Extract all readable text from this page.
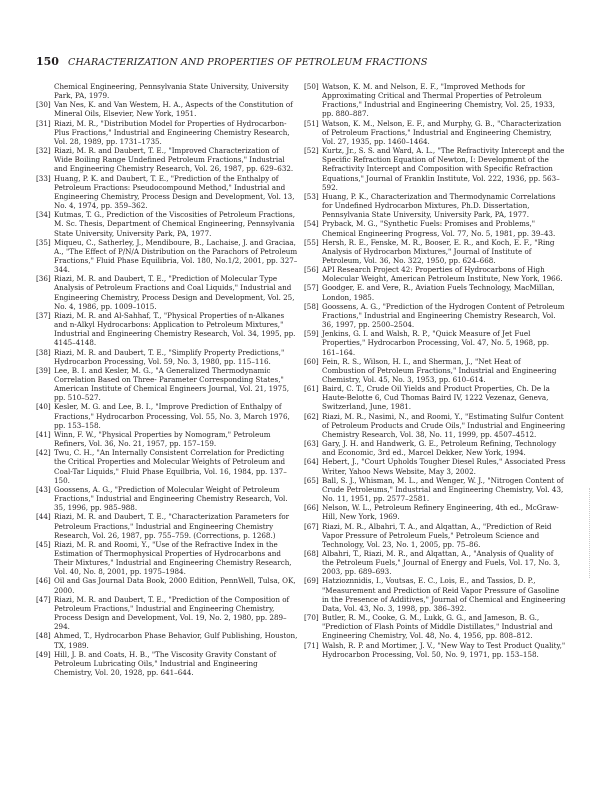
150 CHARACTERIZATION AND PROPERTIES OF PETROLEUM FRACTIONS

Chemical Engineering, Pennsylvania State University, University Park, PA, 1979.

[30] Van Nes, K. and Van Westem, H. A., Aspects of the Constitution of Mineral Oils, Elsevier, New York, 1951.

[31] Riazi, M. R., "Distribution Model for Properties of Hydrocarbon-Plus Fractions," Industrial and Engineering Chemistry Research, Vol. 28, 1989, pp. 1731–1735.

[32] Riazi, M. R. and Daubert, T. E., "Improved Characterization of Wide Boiling Range Undefined Petroleum Fractions," Industrial and Engineering Chemistry Research, Vol. 26, 1987, pp. 629–632.

[33] Huang, P. K. and Daubert, T. E., "Prediction of the Enthalpy of Petroleum Fractions: Pseudocompound Method," Industrial and Engineering Chemistry, Process Design and Development, Vol. 13, No. 4, 1974, pp. 359–362.

[34] Kutmas, T. G., Prediction of the Viscosities of Petroleum Fractions, M. Sc. Thesis, Department of Chemical Engineering, Pennsylvania State University, University Park, PA, 1977.

[35] Miqueu, C., Satherley, J., Mendiboure, B., Lachaise, J. and Graciaa, A., "The Effect of P/N/A Distribution on the Parachors of Petroleum Fractions," Fluid Phase Equilibria, Vol. 180, No.1/2, 2001, pp. 327–344.

[36] Riazi, M. R. and Daubert, T. E., "Prediction of Molecular Type Analysis of Petroleum Fractions and Coal Liquids," Industrial and Engineering Chemistry, Process Design and Development, Vol. 25, No. 4, 1986, pp. 1009–1015.

[37] Riazi, M. R. and Al-Sahhaf, T., "Physical Properties of n-Alkanes and n-Alkyl Hydrocarbons: Application to Petroleum Mixtures," Industrial and Engineering Chemistry Research, Vol. 34, 1995, pp. 4145–4148.

[38] Riazi, M. R. and Daubert, T. E., "Simplify Property Predictions," Hydrocarbon Processing, Vol. 59, No. 3, 1980, pp. 115–116.

[39] Lee, B. I. and Kesler, M. G., "A Generalized Thermodynamic Correlation Based on Three- Parameter Corresponding States," American Institute of Chemical Engineers Journal, Vol. 21, 1975, pp. 510–527.

[40] Kesler, M. G. and Lee, B. I., "Improve Prediction of Enthalpy of Fractions," Hydrocarbon Processing, Vol. 55, No. 3, March 1976, pp. 153–158.

[41] Winn, F. W., "Physical Properties by Nomogram," Petroleum Refiners, Vol. 36, No. 21, 1957, pp. 157–159.

[42] Twu, C. H., "An Internally Consistent Correlation for Predicting the Critical Properties and Molecular Weights of Petroleum and Coal-Tar Liquids," Fluid Phase Equilbria, Vol. 16, 1984, pp. 137–150.

[43] Goossens, A. G., "Prediction of Molecular Weight of Petroleum Fractions," Industrial and Engineering Chemistry Research, Vol. 35, 1996, pp. 985–988.

[44] Riazi, M. R. and Daubert, T. E., "Characterization Parameters for Petroleum Fractions," Industrial and Engineering Chemistry Research, Vol. 26, 1987, pp. 755–759. (Corrections, p. 1268.)

[45] Riazi, M. R. and Roomi, Y., "Use of the Refractive Index in the Estimation of Thermophysical Properties of Hydrocarbons and Their Mixtures," Industrial and Engineering Chemistry Research, Vol. 40, No. 8, 2001, pp. 1975–1984.

[46] Oil and Gas Journal Data Book, 2000 Edition, PennWell, Tulsa, OK, 2000.

[47] Riazi, M. R. and Daubert, T. E., "Prediction of the Composition of Petroleum Fractions," Industrial and Engineering Chemistry, Process Design and Development, Vol. 19, No. 2, 1980, pp. 289–294.

[48] Ahmed, T., Hydrocarbon Phase Behavior, Gulf Publishing, Houston, TX, 1989.

[49] Hill, J. B. and Coats, H. B., "The Viscosity Gravity Constant of Petroleum Lubricating Oils," Industrial and Engineering Chemistry, Vol. 20, 1928, pp. 641–644.

[50] Watson, K. M. and Nelson, E. F., "Improved Methods for Approximating Critical and Thermal Properties of Petroleum Fractions," Industrial and Engineering Chemistry, Vol. 25, 1933, pp. 880–887.

[51] Watson, K. M., Nelson, E. F., and Murphy, G. B., "Characterization of Petroleum Fractions," Industrial and Engineering Chemistry, Vol. 27, 1935, pp. 1460–1464.

[52] Kurtz, Jr., S. S. and Ward, A. L., "The Refractivity Intercept and the Specific Refraction Equation of Newton, I: Development of the Refractivity Intercept and Composition with Specific Refraction Equations," Journal of Franklin Institute, Vol. 222, 1936, pp. 563–592.

[53] Huang, P. K., Characterization and Thermodynamic Correlations for Undefined Hydrocarbon Mixtures, Ph.D. Dissertation, Pennsylvania State University, University Park, PA, 1977.

[54] Pryback, M. G., "Synthetic Fuels: Promises and Problems," Chemical Engineering Progress, Vol. 77, No. 5, 1981, pp. 39–43.

[55] Hersh, R. E., Fenske, M. R., Booser, E. R., and Koch, E. F., "Ring Analysis of Hydrocarbon Mixtures," Journal of Institute of Petroleum, Vol. 36, No. 322, 1950, pp. 624–668.

[56] API Research Project 42: Properties of Hydrocarbons of High Molecular Weight, American Petroleum Institute, New York, 1966.

[57] Goodger, E. and Vere, R., Aviation Fuels Technology, MacMillan, London, 1985.

[58] Goossens, A. G., "Prediction of the Hydrogen Content of Petroleum Fractions," Industrial and Engineering Chemistry Research, Vol. 36, 1997, pp. 2500–2504.

[59] Jenkins, G. I. and Walsh, R. P., "Quick Measure of Jet Fuel Properties," Hydrocarbon Processing, Vol. 47, No. 5, 1968, pp. 161–164.

[60] Fein, R. S., Wilson, H. I., and Sherman, J., "Net Heat of Combustion of Petroleum Fractions," Industrial and Engineering Chemistry, Vol. 45, No. 3, 1953, pp. 610–614.

[61] Baird, C. T., Crude Oil Yields and Product Properties, Ch. De la Haute-Belotte 6, Cud Thomas Baird IV, 1222 Vezenaz, Geneva, Switzerland, June, 1981.

[62] Riazi, M. R., Nasimi, N., and Roomi, Y., "Estimating Sulfur Content of Petroleum Products and Crude Oils," Industrial and Engineering Chemistry Research, Vol. 38, No. 11, 1999, pp. 4507–4512.

[63] Gary, J. H. and Handwerk, G. E., Petroleum Refining, Technology and Economic, 3rd ed., Marcel Dekker, New York, 1994.

[64] Hebert, J., "Court Upholds Tougher Diesel Rules," Associated Press Writer, Yahoo News Website, May 3, 2002.

[65] Ball, S. J., Whisman, M. L., and Wenger, W. J., "Nitrogen Content of Crude Petroleums," Industrial and Engineering Chemistry, Vol. 43, No. 11, 1951, pp. 2577–2581.

[66] Nelson, W. L., Petroleum Refinery Engineering, 4th ed., McGraw-Hill, New York, 1969.

[67] Riazi, M. R., Albahri, T. A., and Alqattan, A., "Prediction of Reid Vapor Pressure of Petroleum Fuels," Petroleum Science and Technology, Vol. 23, No. 1, 2005, pp. 75–86.

[68] Albahri, T., Riazi, M. R., and Alqattan, A., "Analysis of Quality of the Petroleum Fuels," Journal of Energy and Fuels, Vol. 17, No. 3, 2003, pp. 689–693.

[69] Hatzioznnidis, I., Voutsas, E. C., Lois, E., and Tassios, D. P., "Measurement and Prediction of Reid Vapor Pressure of Gasoline in the Presence of Additives," Journal of Chemical and Engineering Data, Vol. 43, No. 3, 1998, pp. 386–392.

[70] Butler, R. M., Cooke, G. M., Lukk, G. G., and Jameson, B. G., "Prediction of Flash Points of Middle Distillates," Industrial and Engineering Chemistry, Vol. 48, No. 4, 1956, pp. 808–812.

[71] Walsh, R. P. and Mortimer, J. V., "New Way to Test Product Quality," Hydrocarbon Processing, Vol. 50, No. 9, 1971, pp. 153–158.
